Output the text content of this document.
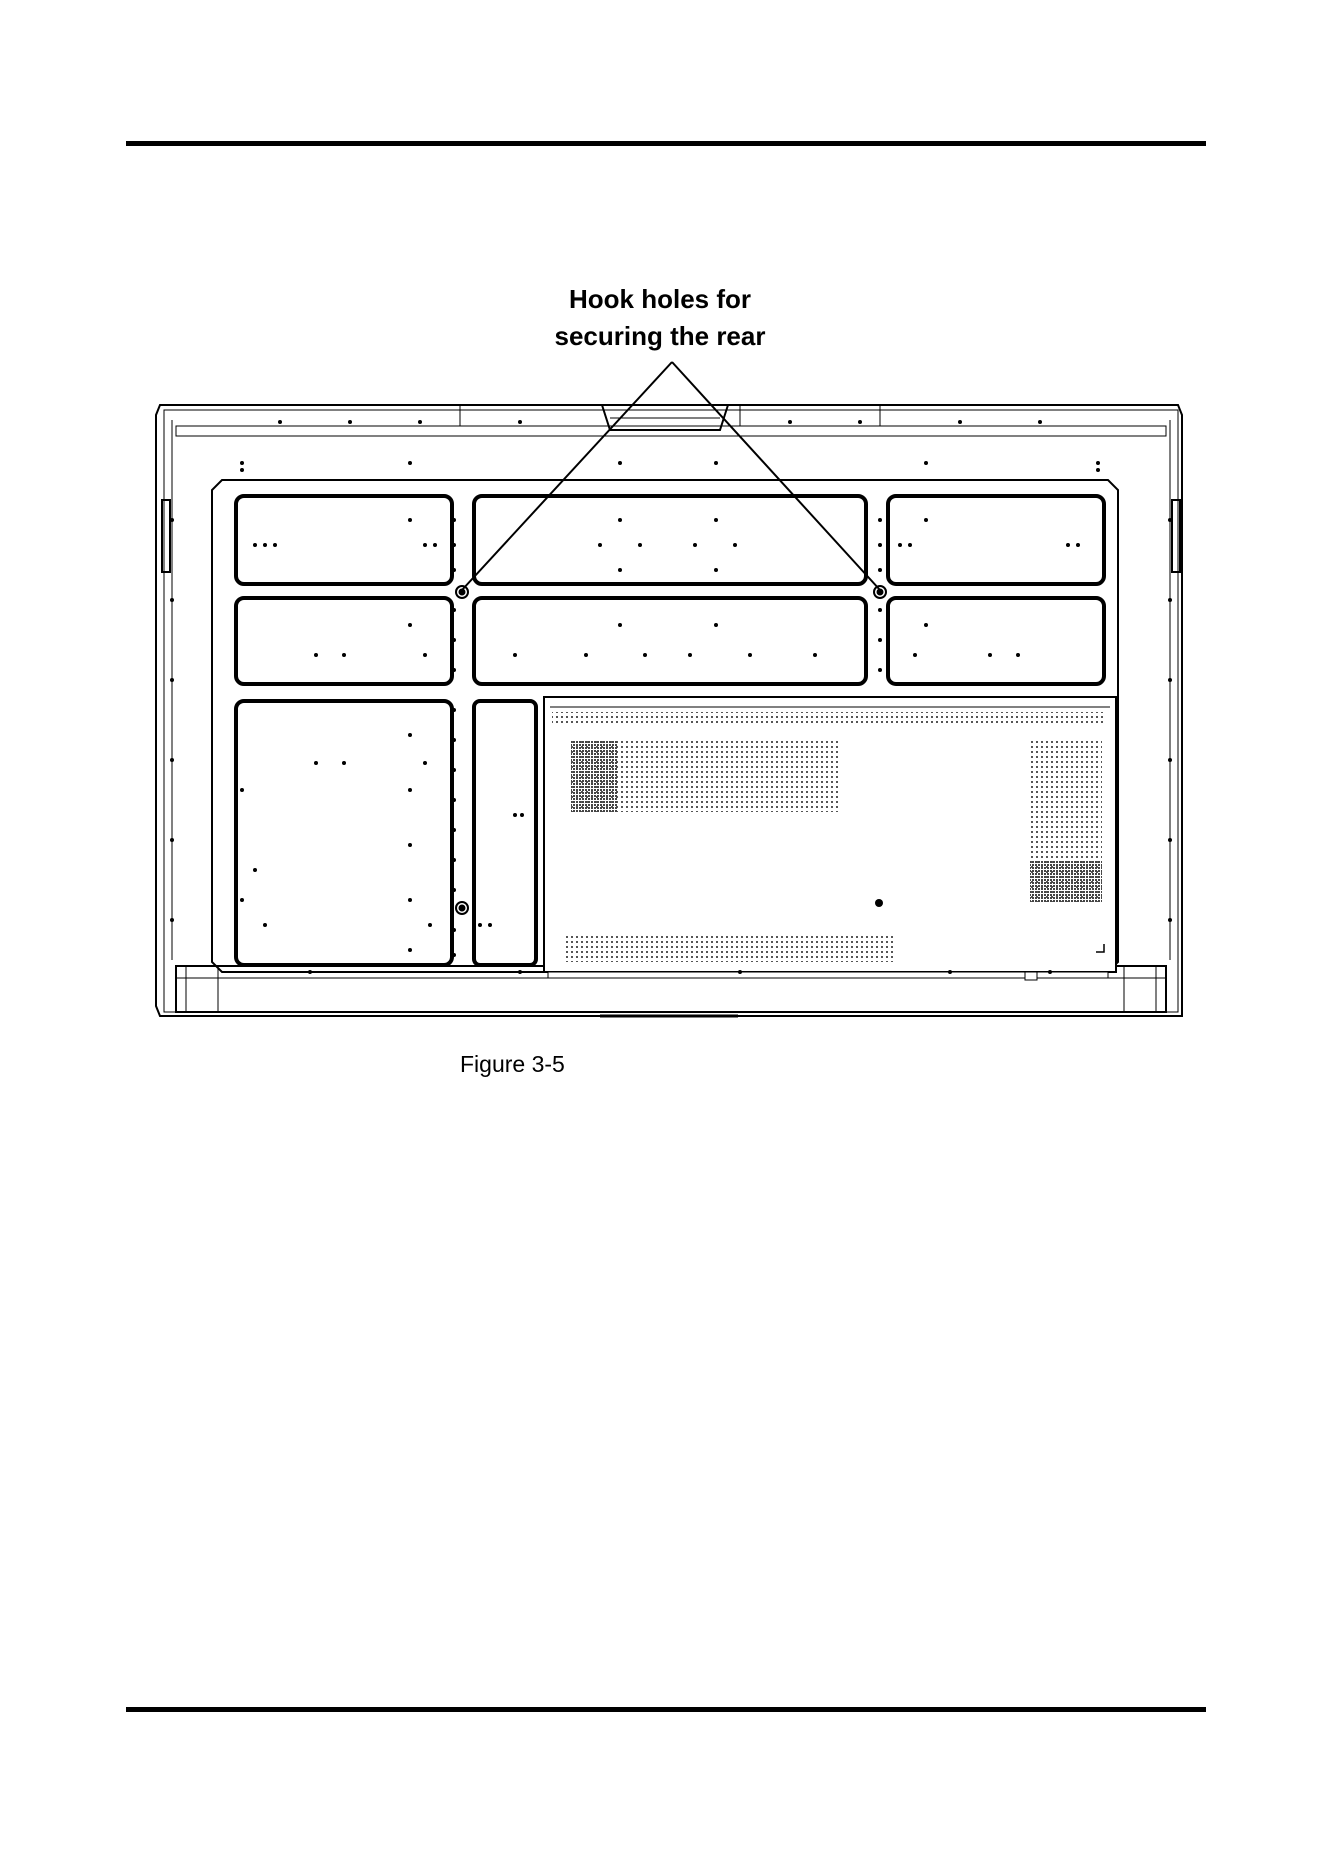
Hook holes for
securing the rear
Figure 3-5
